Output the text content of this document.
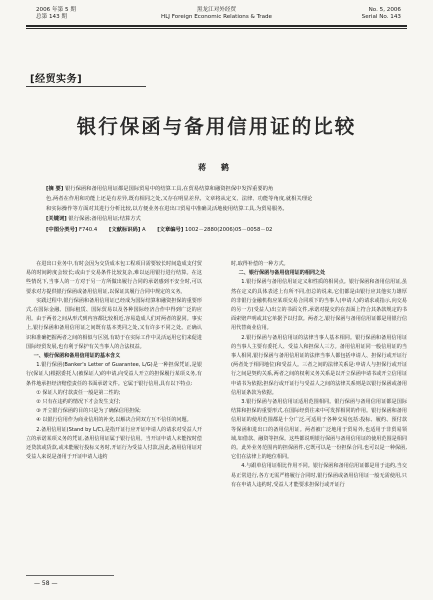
2006 年第 5 期
总第 143 期
黑龙江对外经贸
HLJ Foreign Economic Relations & Trade
No. 5, 2006
Serial No. 143
[经贸实务]
银行保函与备用信用证的比较
蒋 鹤
[摘 要] 银行保函和备用信用证都是国际贸易中的结算工具,在贸易结算和融资担保中发挥重要的角
色,两者在作用和功能上还是有差异,既有相同之处,又存在明显差异。文章将从定义、法律、功能等角度,就相关理论
和实际操作等方面对其进行分析比较,以方便业务在进出口贸易中准确灵活地使用结算工具,为贸易服务。
[关键词] 银行保函;备用信用证;结算方式
[中图分类号] F740.4 [文献标识码] A [文章编号] 1002－2880(2006)05－0058－02

在进出口业务中,有时会因为交货成本包工程项目需要较长时间造成支付贸易的时间跨度会较长;或由于交易条件比较复杂,难以运用银行进行结算。在这些情况下,当事人的一方对于另一方所做出履行合同的承诺感到不安全时,可以要求对方提供银行保函或备用信用证,以保证其履行合同中规定的义务。

实践过程中,银行保函和备用信用证已经成为国际结算和融资担保的重要形式,在国际金融、国际租赁、国际贸易以及各种国际经济合作中得到广泛的应用。由于两者之间从形式到内容都比较相近,容易造成人们对两者的混同。事实上,银行保函和备用信用证之间既有基本类同之处,又有许多不同之处。正确认识和准确把握两者之间的相似与区别,有助于在实际工作中灵活运用它们来促进国际经贸发展,也有利于保护有关当事人的合法权益。

一、银行保函和备用信用证的基本含义

1.银行保函(Banker's Letter of Guarantee, L/G)是一种担保凭证,是银行(保证人)根据委托人(被保证人)的申请,向受益人开立的担保履行某项义务,有条件地承担经济赔偿责任的书面承诺文件。它属于银行信用,具有以下特点:

① 保证人的付款责任一般是第二性的;

② 只有在违约的情况下才会发生支付;

③ 开立银行保函的目的只是为了确保信用担保;

④ 以银行信用作为商业信用的补充,以解决合同双方互不信任的问题。

2.备用信用证(Stand by L/C),是指开证行应开证申请人的请求对受益人开立的承诺某项义务的凭证,备用信用证属于银行信用。当开证申请人未能按时偿还贷款或货款,或未能履行投标义务时,开证行为受益人付款,因此,备用信用证对受益人来说是备用于开证申请人违约

时,取得补偿的一种方式。

二、银行保函与备用信用证的相同之处

1.银行保函与备用信用证定义和性质的相同点。银行保函和备用信用证,虽然在定义的具体表述上有所不同,但总的说来,它们都是由银行应其他实力雄厚的非银行金融机构应某项交易合同项下的当事人(申请人)的请求或指示,向交易的另一方(受益人)出立的书面文件,承诺对提交的在表面上符合其条款规定的书面索赔声明或其它单据予以付款。两者之,银行保函与备用信用证都是用银行信用代替商业信用。

2.银行保函与备用信用证的法律当事人基本相同。银行保函和备用信用证的当事人主要有委托人、受益人和担保人三方。备用信用证同一般信用证的当事人相同,银行保函与备用信用证的法律当事人都包括申请人、担保行或开证行(两者处于相同地位)和受益人。三者之间的法律关系是:申请人与担保行或开证行之间是契约关系,两者之间的权利义务关系是以开立保函申请书或开立信用证申请书为依据;担保行或开证行与受益人之间的法律关系则是以银行保函或备用信用证条款为依据。

3.银行保函与备用信用证适用范围相同。银行保函与备用信用证都是国际结算和担保的重要形式,在国际经贸往来中可发挥相同的作用。银行保函和备用信用证的使用范围都是十分广泛,可适用于各种交易包括:投标、履约、预付款等保函和进出口的备用信用证。两者被广泛地用于贸易外,也适用于非贸易领域,如借款、融资等担保。这些都说明银行保函与备用信用证的使用范围是相同的。此外业务范围内的担保函件,它既可以是一份担保合同,也可以是一种保函,它们在法律上的地位相同。

4.与跟单信用证相比作用不同。银行保函和备用信用证都是用于违约,当交易正常进行,各方无需严格履行合同时,银行保函或备用信用证一般无需使用,只有在申请人违约时,受益人才能要求担保行或开证行

— 58 —
